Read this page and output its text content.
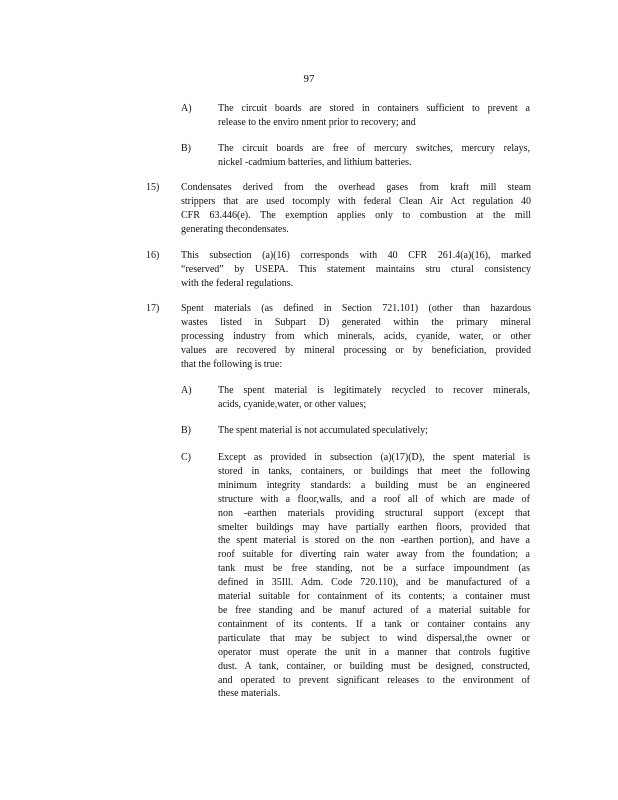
97
A)	The circuit boards are stored in containers sufficient to prevent a
release to the enviro nment prior to recovery; and
B)	The circuit boards are free of mercury switches, mercury relays,
nickel -cadmium batteries, and lithium batteries.
15) Condensates derived from the overhead gases from kraft mill steam
strippers that are used tocomply with federal Clean Air Act regulation 40
CFR 63.446(e). The exemption applies only to combustion at the mill
generating thecondensates.
16) This subsection (a)(16) corresponds with 40 CFR 261.4(a)(16), marked
“reserved” by USEPA. This statement maintains stru ctural consistency
with the federal regulations.
17) Spent materials (as defined in Section 721.101) (other than hazardous
wastes listed in Subpart D) generated within the primary mineral
processing industry from which minerals, acids, cyanide, water, or other
values are recovered by mineral processing or by beneficiation, provided
that the following is true:
A)	The spent material is legitimately recycled to recover minerals,
acids, cyanide,water, or other values;
B)	The spent material is not accumulated speculatively;
C)	Except as provided in subsection (a)(17)(D), the spent material is
stored in tanks, containers, or buildings that meet the following
minimum integrity standards: a building must be an engineered
structure with a floor,walls, and a roof all of which are made of
non -earthen materials providing structural support (except that
smelter buildings may have partially earthen floors, provided that
the spent material is stored on the non -earthen portion), and have a
roof suitable for diverting rain water away from the foundation; a
tank must be free standing, not be a surface impoundment (as
defined in 35Ill. Adm. Code 720.110), and be manufactured of a
material suitable for containment of its contents; a container must
be free standing and be manuf actured of a material suitable for
containment of its contents. If a tank or container contains any
particulate that may be subject to wind dispersal,the owner or
operator must operate the unit in a manner that controls fugitive
dust. A tank, container, or building must be designed, constructed,
and operated to prevent significant releases to the environment of
these materials.
